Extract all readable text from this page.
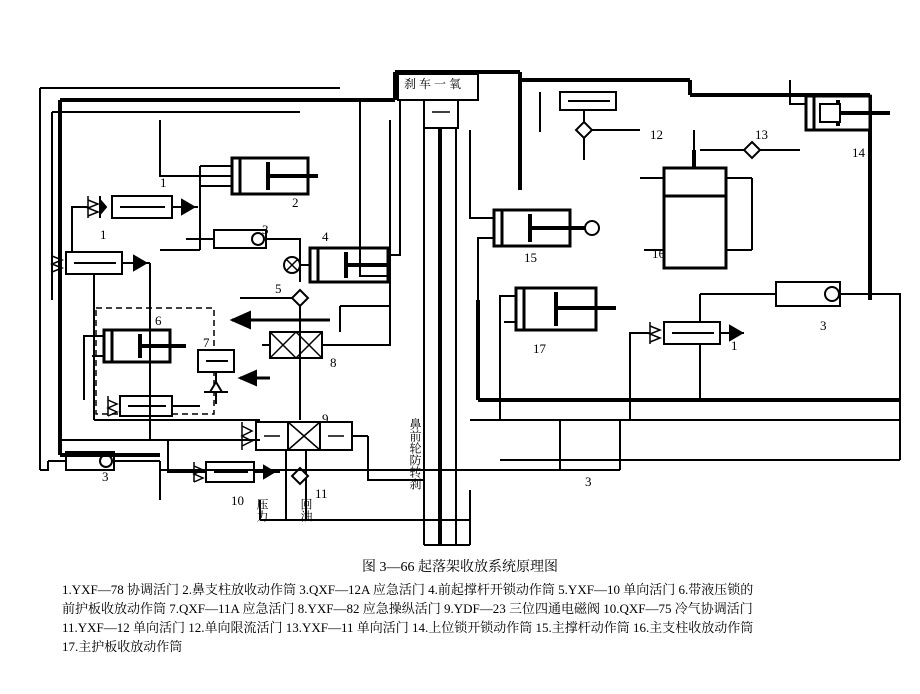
刹 车 一 氧
1
1
1
2
3
3	3
3
4
5
6
7
8
9
10	11
12	13
14
15	16
17
压力	回油
鼻前轮防转刹
图 3—66 起落架收放系统原理图
1.YXF—78 协调活门 2.鼻支柱放收动作筒 3.QXF—12A 应急活门 4.前起撑杆开锁动作筒 5.YXF—10 单向活门 6.带液压锁的
前护板收放动作筒 7.QXF—11A 应急活门 8.YXF—82 应急操纵活门 9.YDF—23 三位四通电磁阀 10.QXF—75 冷气协调活门
11.YXF—12 单向活门 12.单向限流活门 13.YXF—11 单向活门 14.上位锁开锁动作筒 15.主撑杆动作筒 16.主支柱收放动作筒
17.主护板收放动作筒
